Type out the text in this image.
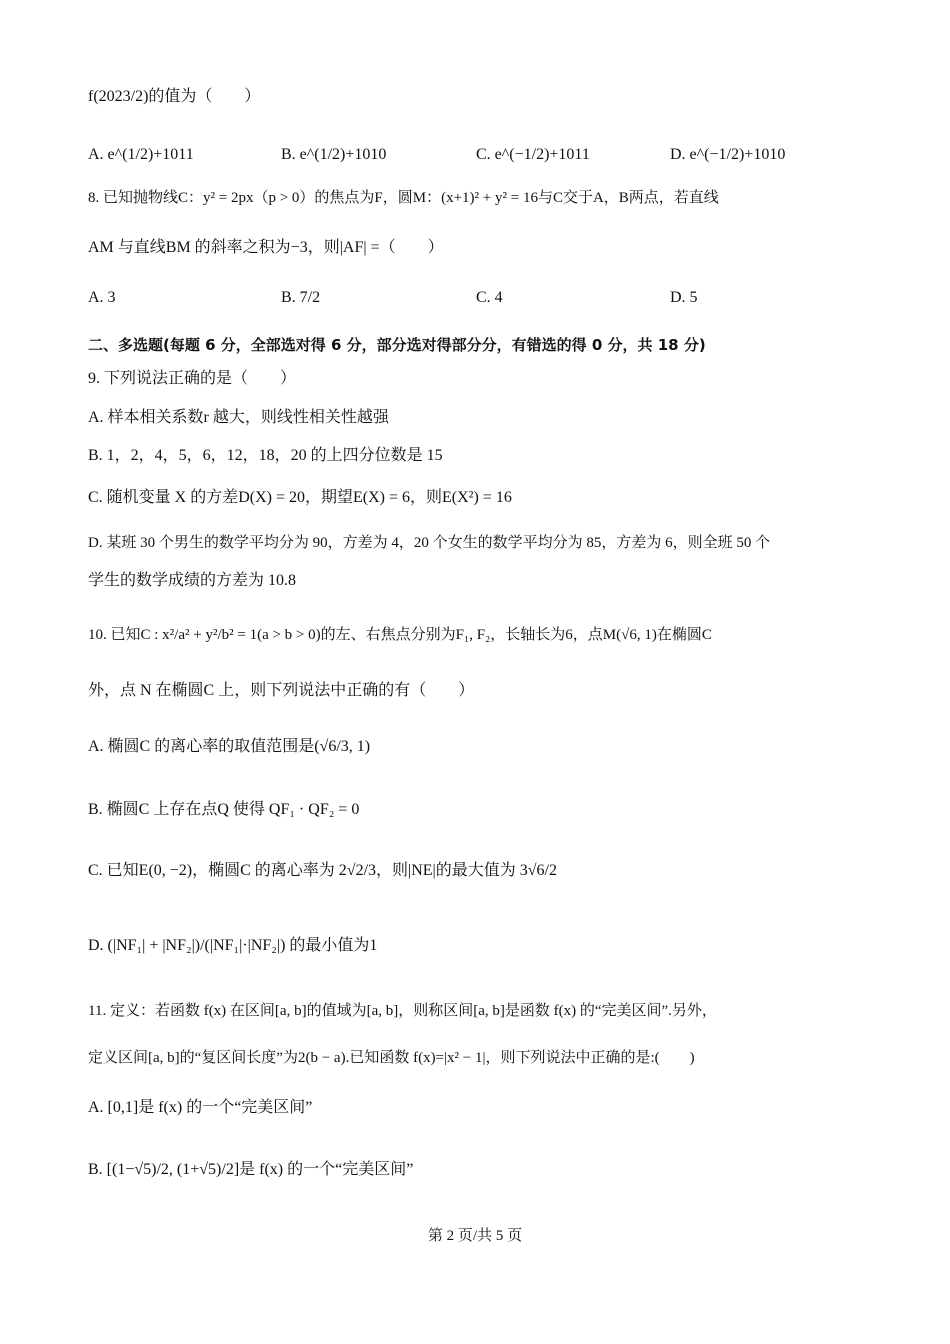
f(2023/2)的值为（　　）
A. e^(1/2)+1011	B. e^(1/2)+1010	C. e^(−1/2)+1011	D. e^(−1/2)+1010
8. 已知抛物线C：y² = 2px（p > 0）的焦点为F，圆M：(x+1)² + y² = 16与C交于A，B两点，若直线
AM 与直线BM 的斜率之积为−3，则|AF| =（　　）
A. 3	B. 7/2	C. 4	D. 5
二、多选题(每题 6 分，全部选对得 6 分，部分选对得部分分，有错选的得 0 分，共 18 分)
9. 下列说法正确的是（　　）
A. 样本相关系数r 越大，则线性相关性越强
B. 1，2，4，5，6，12，18，20 的上四分位数是 15
C. 随机变量 X 的方差D(X) = 20，期望E(X) = 6，则E(X²) = 16
D. 某班 30 个男生的数学平均分为 90，方差为 4，20 个女生的数学平均分为 85，方差为 6，则全班 50 个
学生的数学成绩的方差为 10.8
10. 已知C : x²/a² + y²/b² = 1(a > b > 0)的左、右焦点分别为F₁, F₂，长轴长为6，点M(√6, 1)在椭圆C
外，点 N 在椭圆C 上，则下列说法中正确的有（　　）
A. 椭圆C 的离心率的取值范围是(√6/3, 1)
B. 椭圆C 上存在点Q 使得 QF₁ · QF₂ = 0
C. 已知E(0, −2)，椭圆C 的离心率为 2√2/3，则|NE|的最大值为 3√6/2
D. (|NF₁| + |NF₂|)/(|NF₁|·|NF₂|) 的最小值为1
11. 定义：若函数 f(x) 在区间[a, b]的值域为[a, b]，则称区间[a, b]是函数 f(x) 的“完美区间”.另外，
定义区间[a, b]的“复区间长度”为2(b − a).已知函数 f(x)=|x² − 1|，则下列说法中正确的是:(　　)
A. [0,1]是 f(x) 的一个“完美区间”
B. [(1−√5)/2, (1+√5)/2]是 f(x) 的一个“完美区间”
第 2 页/共 5 页
